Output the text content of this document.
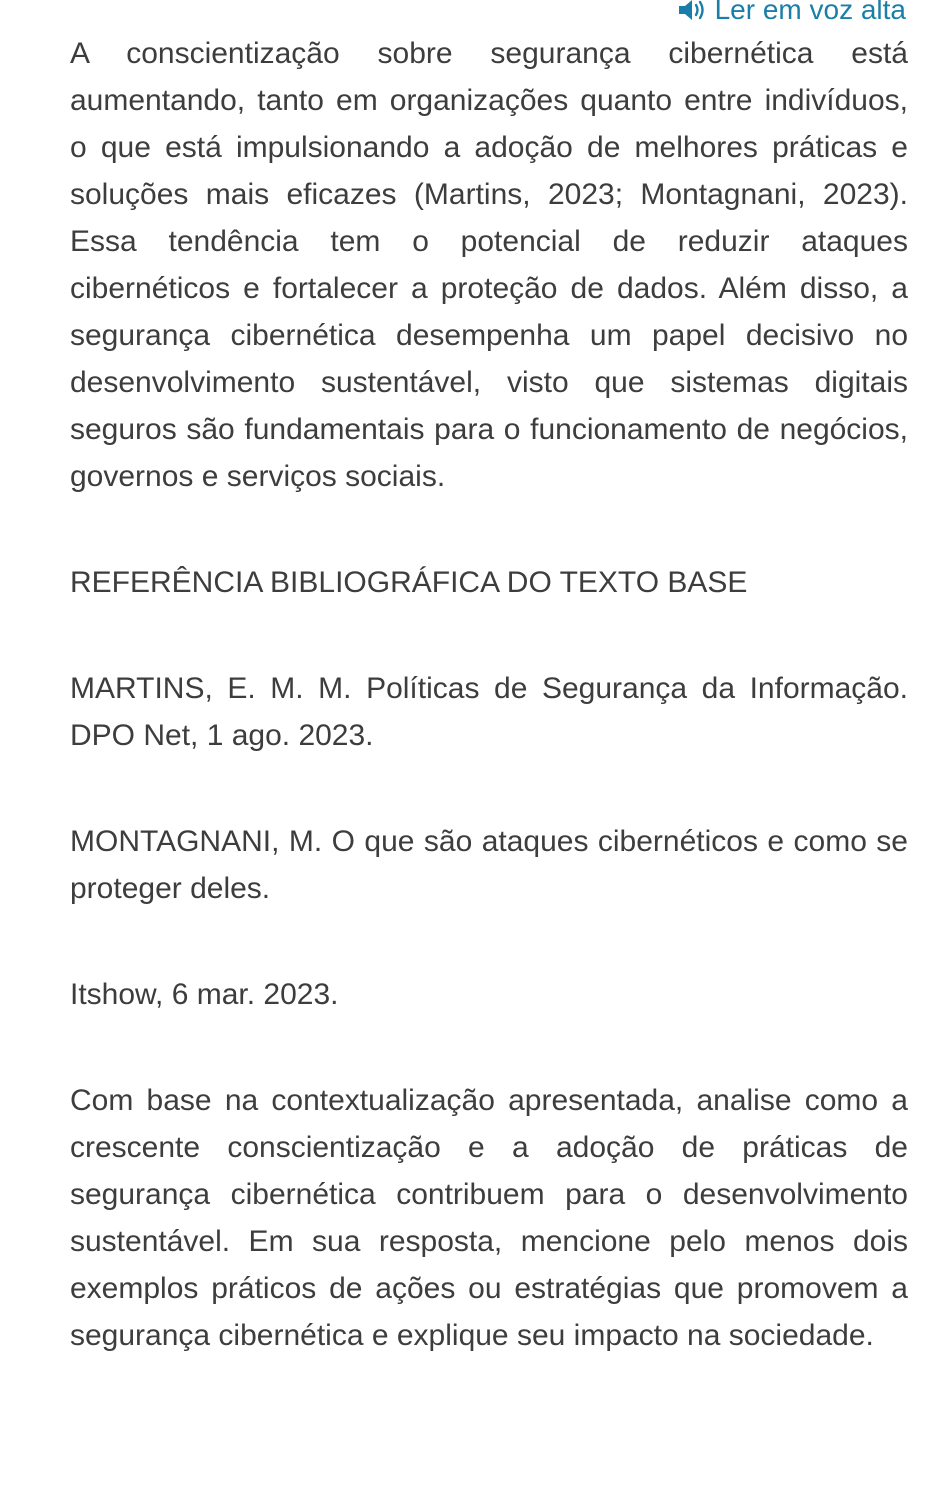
Ler em voz alta

A conscientização sobre segurança cibernética está aumentando, tanto em organizações quanto entre indivíduos, o que está impulsionando a adoção de melhores práticas e soluções mais eficazes (Martins, 2023; Montagnani, 2023). Essa tendência tem o potencial de reduzir ataques cibernéticos e fortalecer a proteção de dados. Além disso, a segurança cibernética desempenha um papel decisivo no desenvolvimento sustentável, visto que sistemas digitais seguros são fundamentais para o funcionamento de negócios, governos e serviços sociais.

REFERÊNCIA BIBLIOGRÁFICA DO TEXTO BASE

MARTINS, E. M. M. Políticas de Segurança da Informação. DPO Net, 1 ago. 2023.

MONTAGNANI, M. O que são ataques cibernéticos e como se proteger deles.

Itshow, 6 mar. 2023.

Com base na contextualização apresentada, analise como a crescente conscientização e a adoção de práticas de segurança cibernética contribuem para o desenvolvimento sustentável. Em sua resposta, mencione pelo menos dois exemplos práticos de ações ou estratégias que promovem a segurança cibernética e explique seu impacto na sociedade.
